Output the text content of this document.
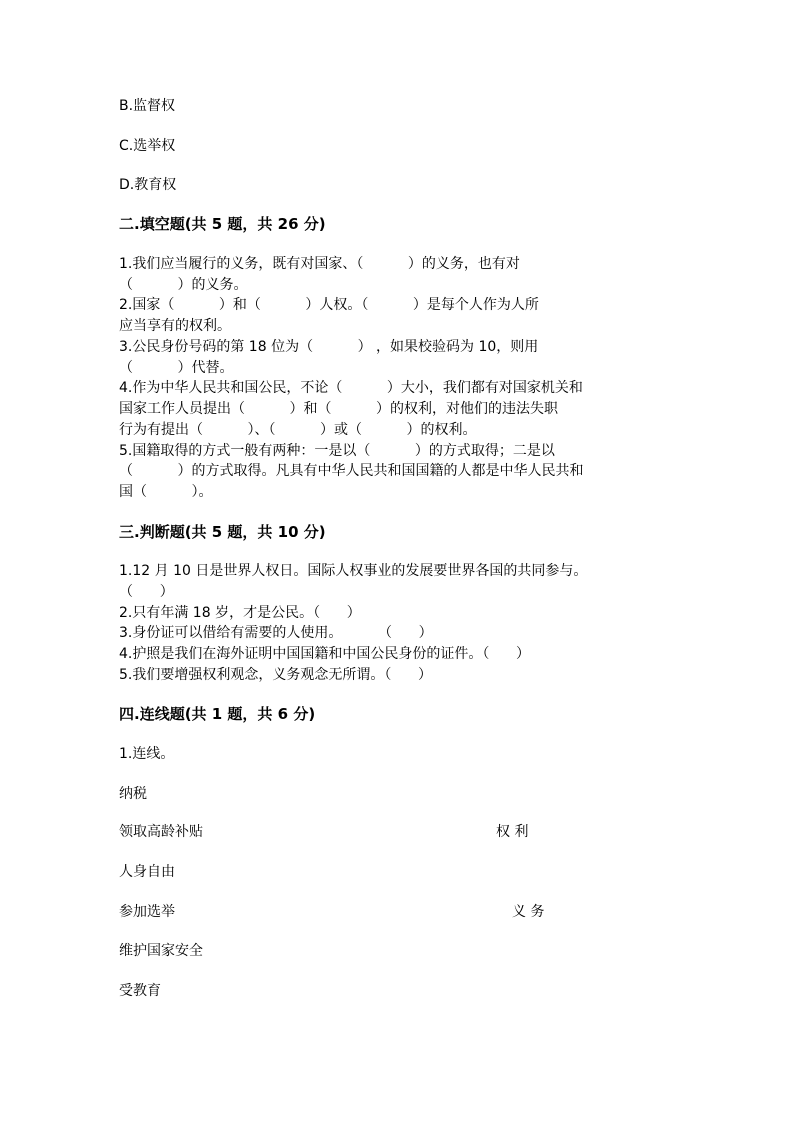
B.监督权
C.选举权
D.教育权
二.填空题(共 5 题，共 26 分)
1.我们应当履行的义务，既有对国家、（          ）的义务，也有对
（          ）的义务。
2.国家（          ）和（          ）人权。（          ）是每个人作为人所
应当享有的权利。
3.公民身份号码的第 18 位为（          ） ，如果校验码为 10，则用
（          ）代替。
4.作为中华人民共和国公民，不论（          ）大小，我们都有对国家机关和
国家工作人员提出（          ）和（          ）的权利，对他们的违法失职
行为有提出（          ）、（          ）或（          ）的权利。
5.国籍取得的方式一般有两种：一是以（          ）的方式取得；二是以
（          ）的方式取得。凡具有中华人民共和国国籍的人都是中华人民共和
国（          ）。
三.判断题(共 5 题，共 10 分)
1.12 月 10 日是世界人权日。国际人权事业的发展要世界各国的共同参与。
（      ）
2.只有年满 18 岁，才是公民。（      ）
3.身份证可以借给有需要的人使用。        （      ）
4.护照是我们在海外证明中国国籍和中国公民身份的证件。（      ）
5.我们要增强权利观念，义务观念无所谓。（      ）
四.连线题(共 1 题，共 6 分)
1.连线。
纳税
领取高龄补贴	权 利
人身自由
参加选举	义 务
维护国家安全
受教育
